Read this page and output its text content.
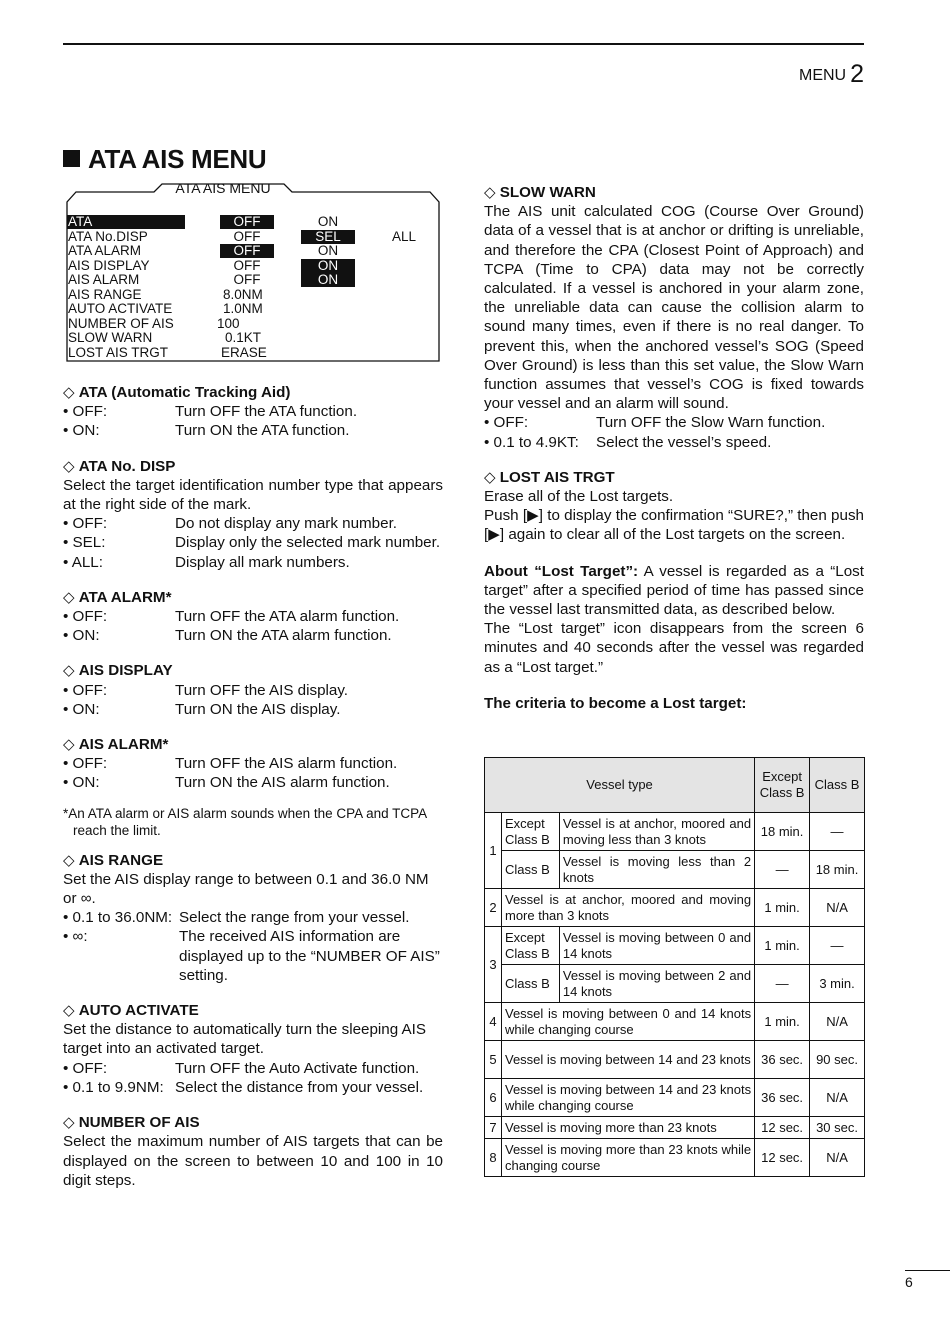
MENU 2
ATA AIS MENU
ATA AIS MENU
ATA	OFF	ON
ATA No.DISP	OFF	SEL	ALL
ATA ALARM	OFF	ON
AIS DISPLAY	OFF	ON
AIS ALARM	OFF	ON
AIS RANGE	8.0NM
AUTO ACTIVATE	1.0NM
NUMBER OF AIS	100
SLOW WARN	0.1KT
LOST AIS TRGT	ERASE

◇ ATA (Automatic Tracking Aid)

• OFF:	Turn OFF the ATA function.

• ON:	Turn ON the ATA function.

◇ ATA No. DISP

Select the target identification number type that appears at the right side of the mark.

• OFF:	Do not display any mark number.

• SEL:	Display only the selected mark number.

• ALL:	Display all mark numbers.

◇ ATA ALARM*

• OFF:	Turn OFF the ATA alarm function.

• ON:	Turn ON the ATA alarm function.

◇ AIS DISPLAY

• OFF:	Turn OFF the AIS display.

• ON:	Turn ON the AIS display.

◇ AIS ALARM*

• OFF:	Turn OFF the AIS alarm function.

• ON:	Turn ON the AIS alarm function.

*An ATA alarm or AIS alarm sounds when the CPA and TCPA reach the limit.

◇ AIS RANGE

Set the AIS display range to between 0.1 and 36.0 NM or ∞.

• 0.1 to 36.0NM: Select the range from your vessel.

• ∞:	The received AIS information are displayed up to the “NUMBER OF AIS” setting.

◇ AUTO ACTIVATE

Set the distance to automatically turn the sleeping AIS target into an activated target.

• OFF:	Turn OFF the Auto Activate function.

• 0.1 to 9.9NM: Select the distance from your vessel.

◇ NUMBER OF AIS

Select the maximum number of AIS targets that can be displayed on the screen to between 10 and 100 in 10 digit steps.

◇ SLOW WARN

The AIS unit calculated COG (Course Over Ground) data of a vessel that is at anchor or drifting is unreliable, and therefore the CPA (Closest Point of Approach) and TCPA (Time to CPA) data may not be correctly calculated. If a vessel is anchored in your alarm zone, the unreliable data can cause the collision alarm to sound many times, even if there is no real danger. To prevent this, when the anchored vessel’s SOG (Speed Over Ground) is less than this set value, the Slow Warn function assumes that vessel’s COG is fixed towards your vessel and an alarm will sound.

• OFF:	Turn OFF the Slow Warn function.

• 0.1 to 4.9KT: Select the vessel’s speed.

◇ LOST AIS TRGT

Erase all of the Lost targets.

Push [▶] to display the confirmation “SURE?,” then push [▶] again to clear all of the Lost targets on the screen.

About “Lost Target”: A vessel is regarded as a “Lost target” after a specified period of time has passed since the vessel last transmitted data, as described below.

The “Lost target” icon disappears from the screen 6 minutes and 40 seconds after the vessel was regarded as a “Lost target.”

The criteria to become a Lost target:

Vessel type			Except Class B	Class B
1	Except Class B	Vessel is at anchor, moored and moving less than 3 knots	18 min.	—
	Class B	Vessel is moving less than 2 knots	—	18 min.
2	Vessel is at anchor, moored and moving more than 3 knots		1 min.	N/A
3	Except Class B	Vessel is moving between 0 and 14 knots	1 min.	—
	Class B	Vessel is moving between 2 and 14 knots	—	3 min.
4	Vessel is moving between 0 and 14 knots while changing course		1 min.	N/A
5	Vessel is moving between 14 and 23 knots		36 sec.	90 sec.
6	Vessel is moving between 14 and 23 knots while changing course		36 sec.	N/A
7	Vessel is moving more than 23 knots		12 sec.	30 sec.
8	Vessel is moving more than 23 knots while changing course		12 sec.	N/A
6
